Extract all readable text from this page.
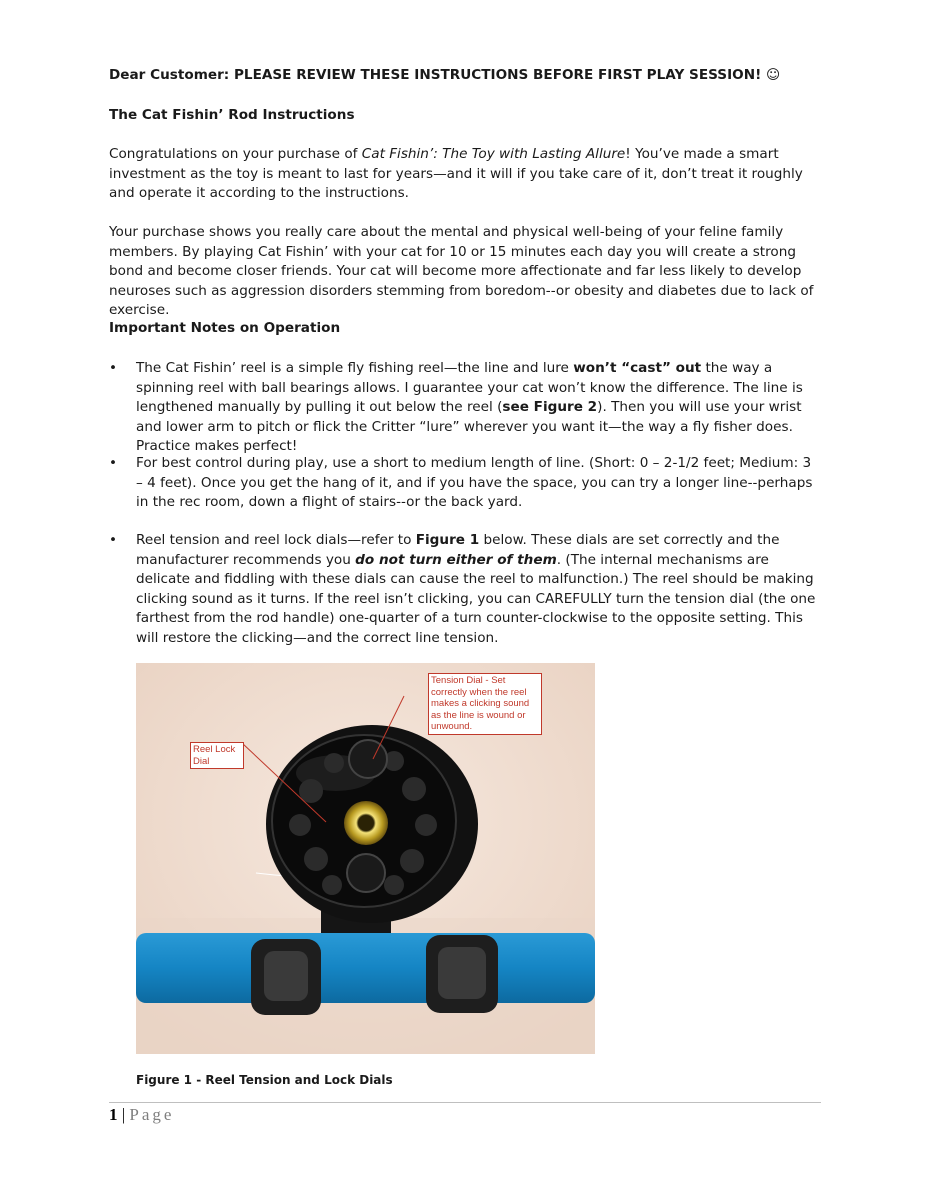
Dear Customer: PLEASE REVIEW THESE INSTRUCTIONS BEFORE FIRST PLAY SESSION! ☺
The Cat Fishin’ Rod Instructions

Congratulations on your purchase of Cat Fishin’: The Toy with Lasting Allure! You’ve made a smart investment as the toy is meant to last for years—and it will if you take care of it, don’t treat it roughly and operate it according to the instructions.

Your purchase shows you really care about the mental and physical well-being of your feline family members. By playing Cat Fishin’ with your cat for 10 or 15 minutes each day you will create a strong bond and become closer friends. Your cat will become more affectionate and far less likely to develop neuroses such as aggression disorders stemming from boredom--or obesity and diabetes due to lack of exercise.

Important Notes on Operation
• The Cat Fishin’ reel is a simple fly fishing reel—the line and lure won’t “cast” out the way a spinning reel with ball bearings allows. I guarantee your cat won’t know the difference. The line is lengthened manually by pulling it out below the reel (see Figure 2). Then you will use your wrist and lower arm to pitch or flick the Critter “lure” wherever you want it—the way a fly fisher does. Practice makes perfect!

• For best control during play, use a short to medium length of line. (Short: 0 – 2-1/2 feet; Medium: 3 – 4 feet). Once you get the hang of it, and if you have the space, you can try a longer line--perhaps in the rec room, down a flight of stairs--or the back yard.

• Reel tension and reel lock dials—refer to Figure 1 below. These dials are set correctly and the manufacturer recommends you do not turn either of them. (The internal mechanisms are delicate and fiddling with these dials can cause the reel to malfunction.) The reel should be making clicking sound as it turns. If the reel isn’t clicking, you can CAREFULLY turn the tension dial (the one farthest from the rod handle) one-quarter of a turn counter-clockwise to the opposite setting. This will restore the clicking—and the correct line tension.

Tension Dial - Set correctly when the reel makes a clicking sound as the line is wound or unwound.
Reel Lock Dial
Figure 1 - Reel Tension and Lock Dials
1 | Page
